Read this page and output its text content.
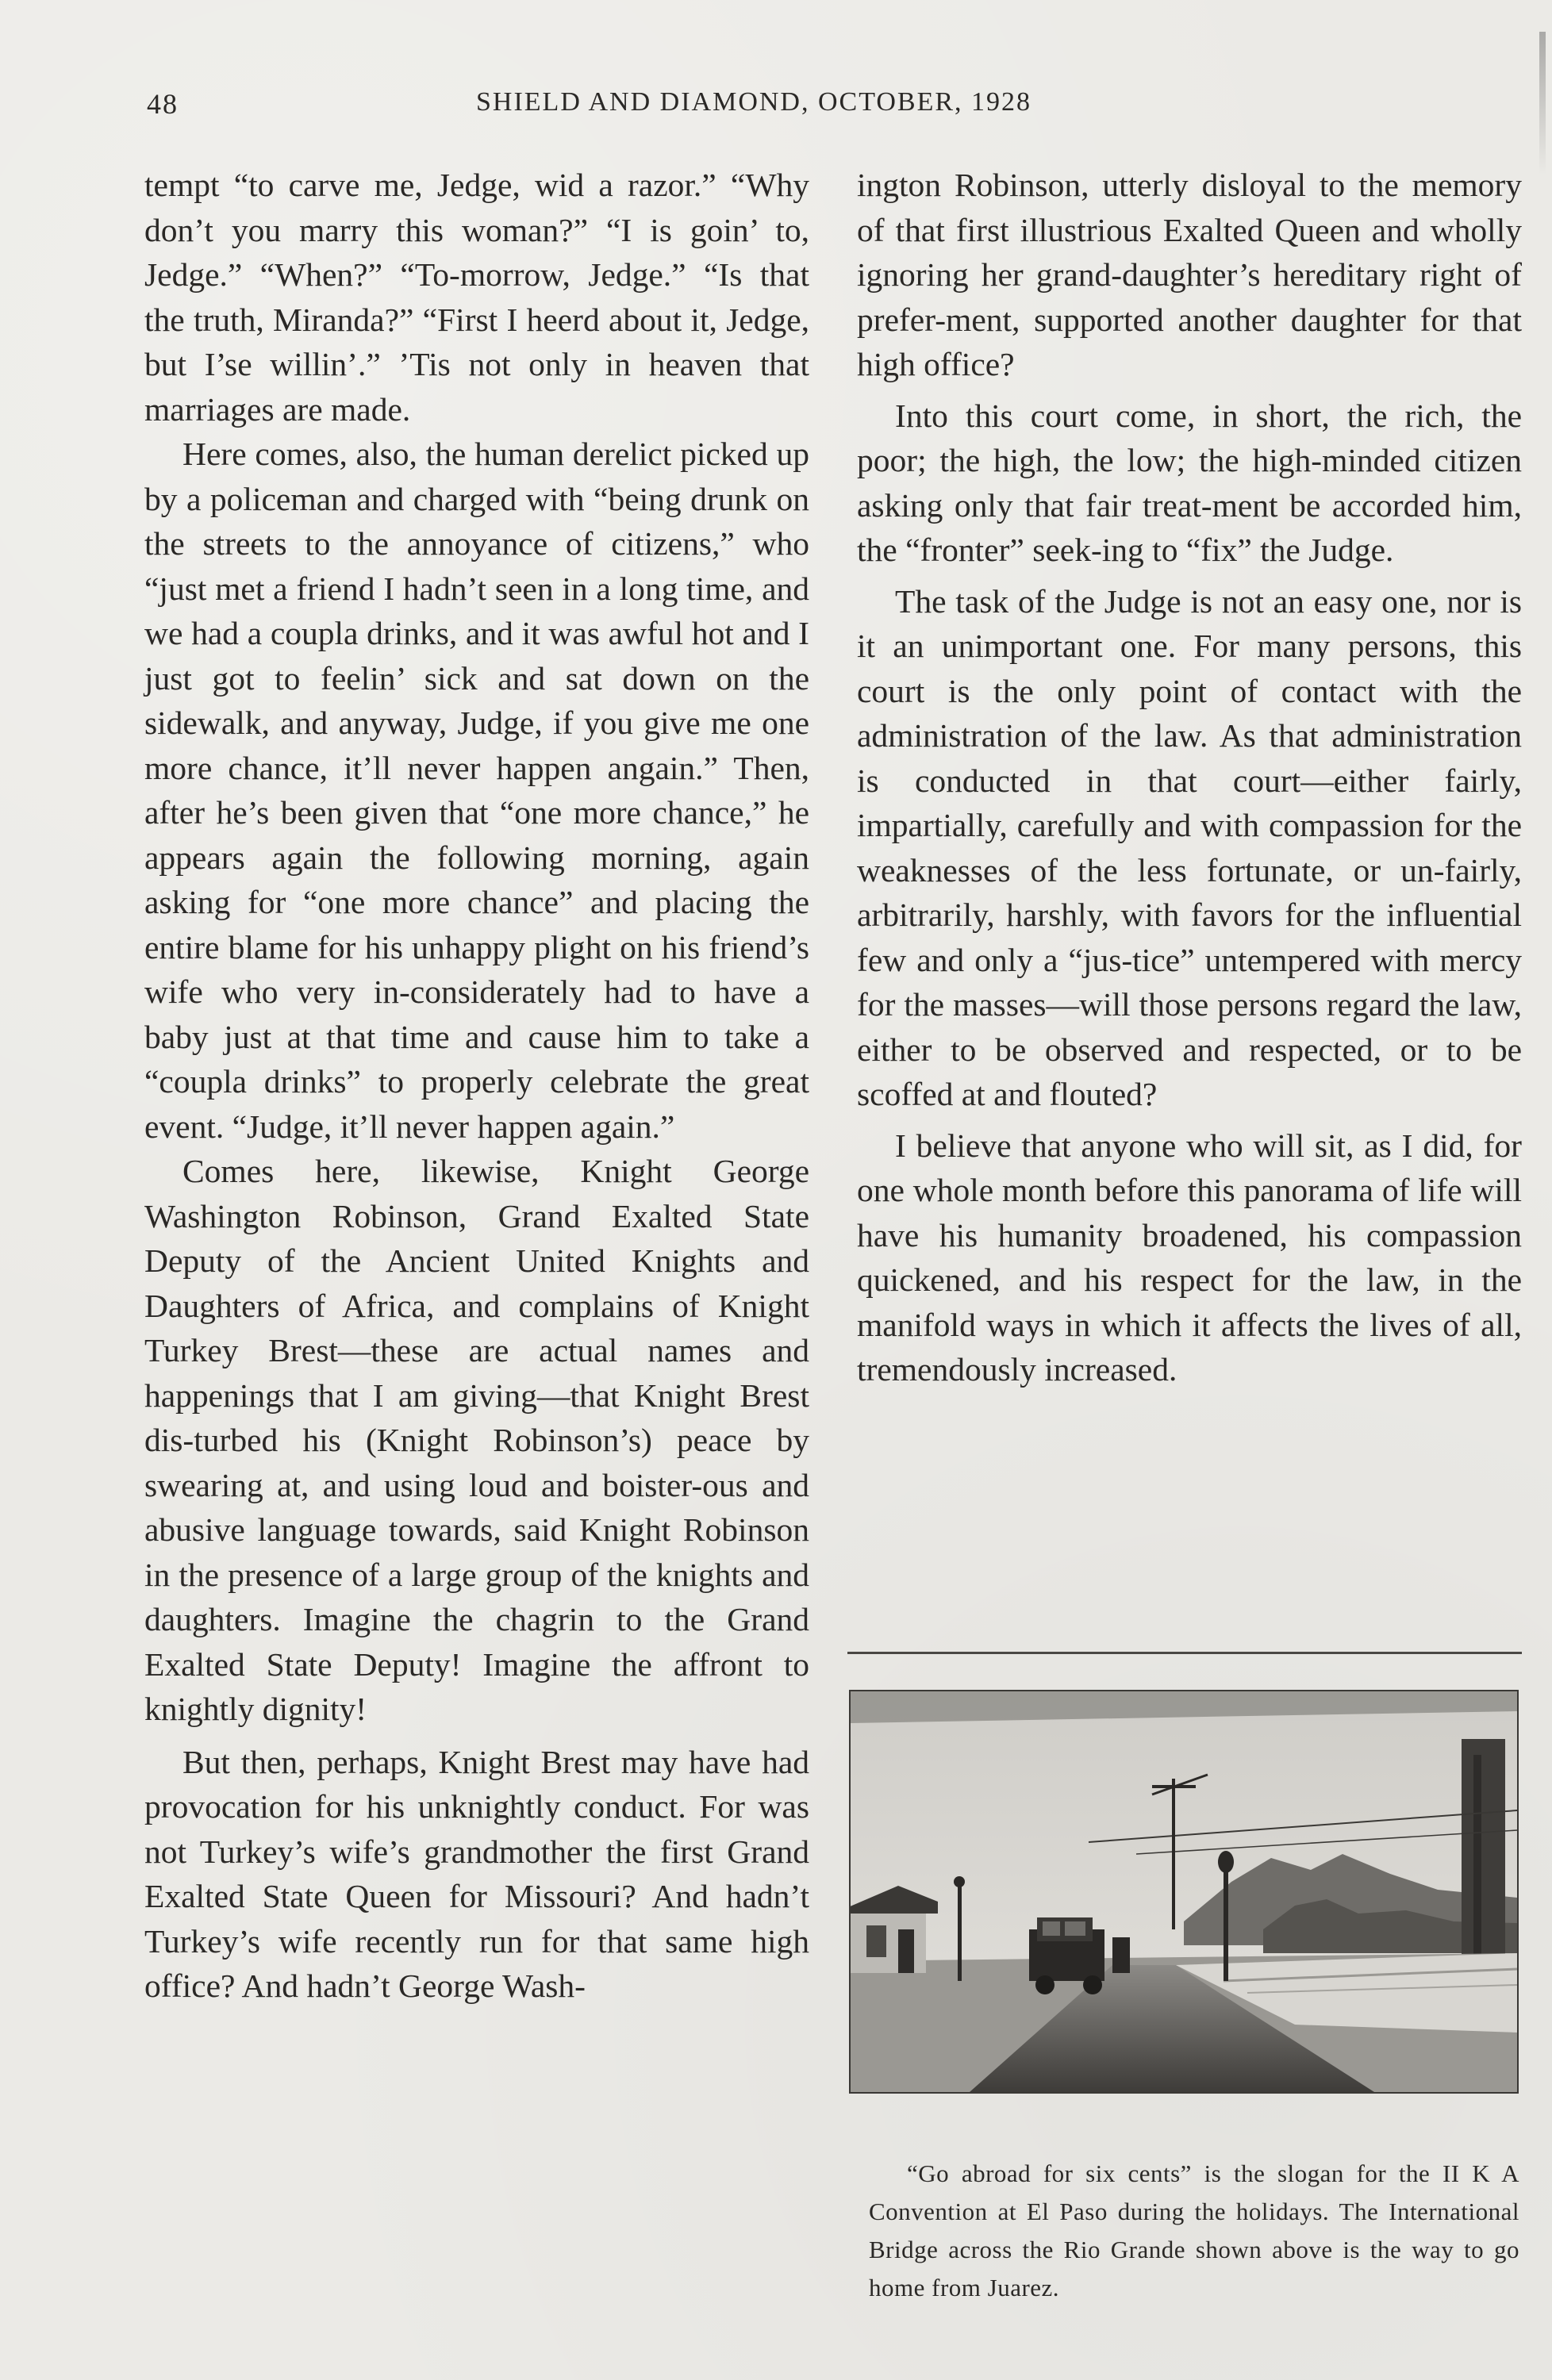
48	SHIELD AND DIAMOND, OCTOBER, 1928

tempt “to carve me, Jedge, wid a razor.” “Why don’t you marry this woman?” “I is goin’ to, Jedge.” “When?” “To-morrow, Jedge.” “Is that the truth, Miranda?” “First I heerd about it, Jedge, but I’se willin’.” ’Tis not only in heaven that marriages are made.

Here comes, also, the human derelict picked up by a policeman and charged with “being drunk on the streets to the annoyance of citizens,” who “just met a friend I hadn’t seen in a long time, and we had a coupla drinks, and it was awful hot and I just got to feelin’ sick and sat down on the sidewalk, and anyway, Judge, if you give me one more chance, it’ll never happen angain.” Then, after he’s been given that “one more chance,” he appears again the following morning, again asking for “one more chance” and placing the entire blame for his unhappy plight on his friend’s wife who very in-considerately had to have a baby just at that time and cause him to take a “coupla drinks” to properly celebrate the great event. “Judge, it’ll never happen again.”

Comes here, likewise, Knight George Washington Robinson, Grand Exalted State Deputy of the Ancient United Knights and Daughters of Africa, and complains of Knight Turkey Brest—these are actual names and happenings that I am giving—that Knight Brest dis-turbed his (Knight Robinson’s) peace by swearing at, and using loud and boister-ous and abusive language towards, said Knight Robinson in the presence of a large group of the knights and daughters. Imagine the chagrin to the Grand Exalted State Deputy! Imagine the affront to knightly dignity!

But then, perhaps, Knight Brest may have had provocation for his unknightly conduct. For was not Turkey’s wife’s grandmother the first Grand Exalted State Queen for Missouri? And hadn’t Turkey’s wife recently run for that same high office? And hadn’t George Wash-

ington Robinson, utterly disloyal to the memory of that first illustrious Exalted Queen and wholly ignoring her grand-daughter’s hereditary right of prefer-ment, supported another daughter for that high office?

Into this court come, in short, the rich, the poor; the high, the low; the high-minded citizen asking only that fair treat-ment be accorded him, the “fronter” seek-ing to “fix” the Judge.

The task of the Judge is not an easy one, nor is it an unimportant one. For many persons, this court is the only point of contact with the administration of the law. As that administration is conducted in that court—either fairly, impartially, carefully and with compassion for the weaknesses of the less fortunate, or un-fairly, arbitrarily, harshly, with favors for the influential few and only a “jus-tice” untempered with mercy for the masses—will those persons regard the law, either to be observed and respected, or to be scoffed at and flouted?

I believe that anyone who will sit, as I did, for one whole month before this panorama of life will have his humanity broadened, his compassion quickened, and his respect for the law, in the manifold ways in which it affects the lives of all, tremendously increased.

“Go abroad for six cents” is the slogan for the II K A Convention at El Paso during the holidays. The International Bridge across the Rio Grande shown above is the way to go home from Juarez.
